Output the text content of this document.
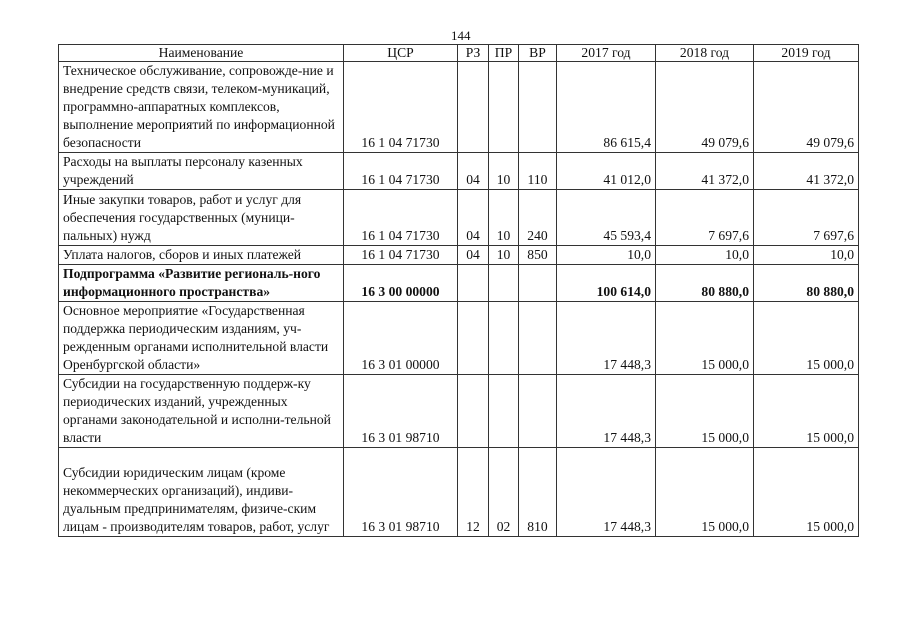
144
Наименование	ЦСР	РЗ	ПР	ВР	2017 год	2018 год	2019 год
Техническое обслуживание, сопровожде-ние и внедрение средств связи, телеком-муникаций, программно-аппаратных комплексов, выполнение мероприятий по информационной безопасности	16 1 04 71730				86 615,4	49 079,6	49 079,6
Расходы на выплаты персоналу казенных учреждений	16 1 04 71730	04	10	110	41 012,0	41 372,0	41 372,0
Иные закупки товаров, работ и услуг для обеспечения государственных (муници-пальных) нужд	16 1 04 71730	04	10	240	45 593,4	7 697,6	7 697,6
Уплата налогов, сборов и иных платежей	16 1 04 71730	04	10	850	10,0	10,0	10,0
Подпрограмма «Развитие региональ-ного информационного пространства»	16 3 00 00000				100 614,0	80 880,0	80 880,0
Основное мероприятие «Государственная поддержка периодическим изданиям, уч-режденным органами исполнительной власти Оренбургской области»	16 3 01 00000				17 448,3	15 000,0	15 000,0
Субсидии на государственную поддерж-ку периодических изданий, учрежденных органами законодательной и исполни-тельной власти	16 3 01 98710				17 448,3	15 000,0	15 000,0
Субсидии юридическим лицам (кроме некоммерческих организаций), индиви-дуальным предпринимателям, физиче-ским лицам - производителям товаров, работ, услуг	16 3 01 98710	12	02	810	17 448,3	15 000,0	15 000,0
